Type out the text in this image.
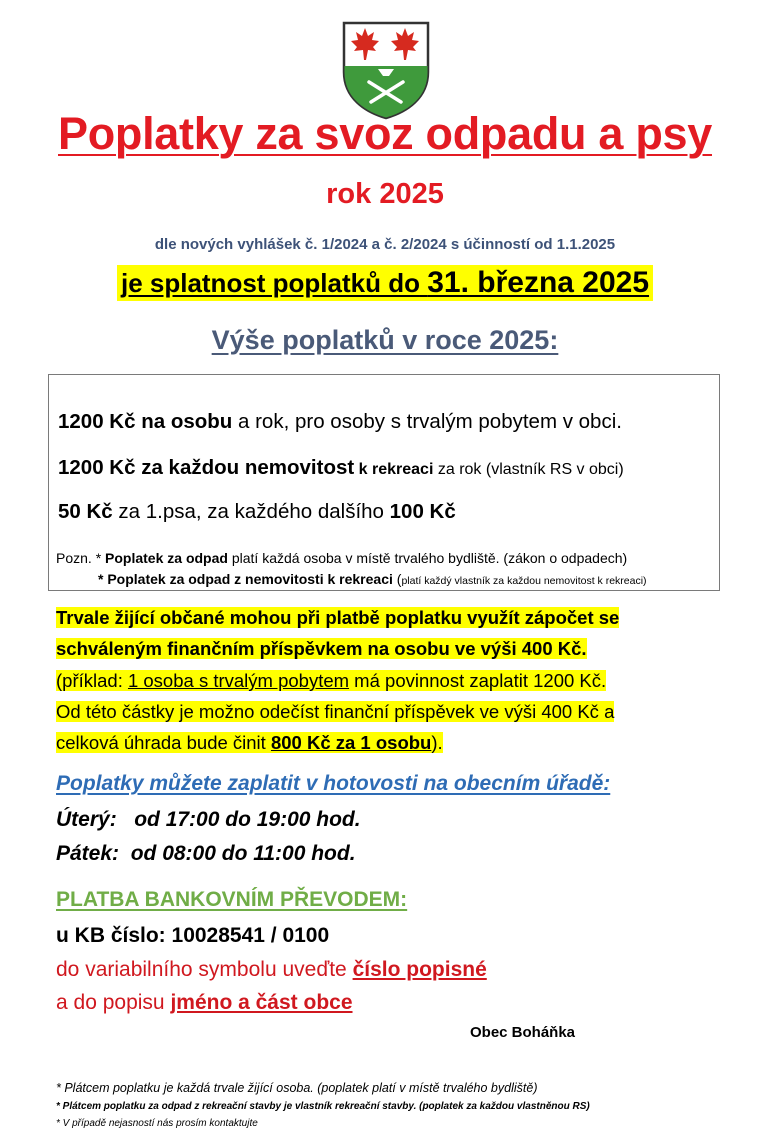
Poplatky za svoz odpadu a psy
rok 2025
dle nových vyhlášek č. 1/2024 a č. 2/2024 s účinností od 1.1.2025
je splatnost poplatků do 31. března 2025
Výše poplatků v roce 2025:
1200 Kč na osobu a rok, pro osoby s trvalým pobytem v obci.
1200 Kč za každou nemovitost k rekreaci za rok (vlastník RS v obci)
50 Kč za 1.psa, za každého dalšího 100 Kč
Pozn. * Poplatek za odpad platí každá osoba v místě trvalého bydliště. (zákon o odpadech)
* Poplatek za odpad z nemovitosti k rekreaci (platí každý vlastník za každou nemovitost k rekreaci)
Trvale žijící občané mohou při platbě poplatku využít zápočet se
schváleným finančním příspěvkem na osobu ve výši 400 Kč.
(příklad: 1 osoba s trvalým pobytem má povinnost zaplatit 1200 Kč.
Od této částky je možno odečíst finanční příspěvek ve výši 400 Kč a
celková úhrada bude činit 800 Kč za 1 osobu).
Poplatky můžete zaplatit v hotovosti na obecním úřadě:
Úterý: od 17:00 do 19:00 hod.
Pátek: od 08:00 do 11:00 hod.
PLATBA BANKOVNÍM PŘEVODEM:
u KB číslo: 10028541 / 0100
do variabilního symbolu uveďte číslo popisné
a do popisu jméno a část obce
Obec Boháňka
* Plátcem poplatku je každá trvale žijící osoba. (poplatek platí v místě trvalého bydliště)
* Plátcem poplatku za odpad z rekreační stavby je vlastník rekreační stavby. (poplatek za každou vlastněnou RS)
* V případě nejasností nás prosím kontaktujte
